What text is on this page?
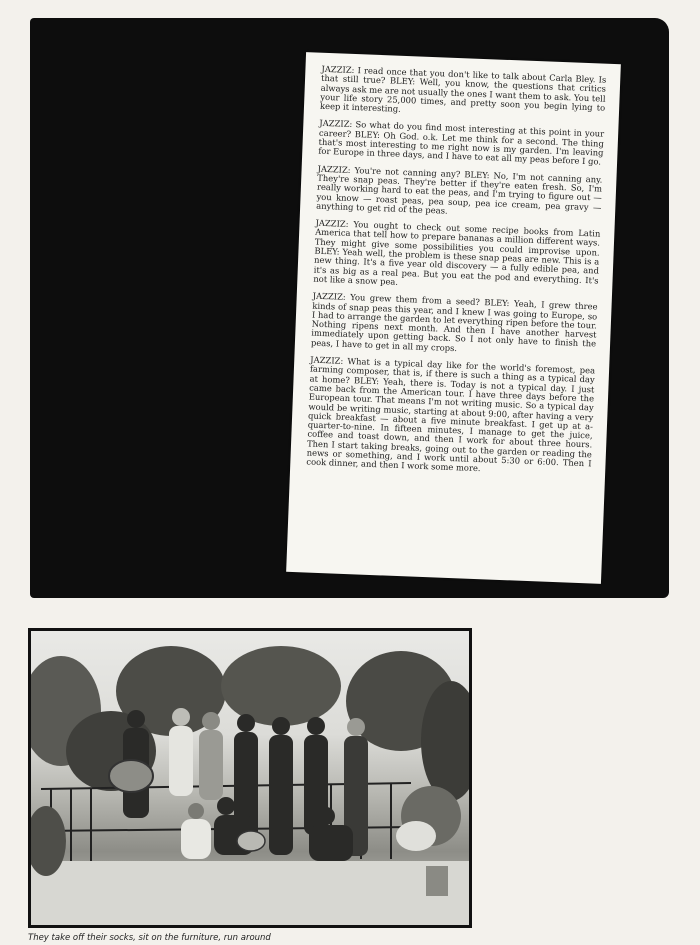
JAZZIZ: I read once that you don't like to talk about Carla Bley. Is that still true? BLEY: Well, you know, the questions that critics always ask me are not usually the ones I want them to ask. You tell your life story 25,000 times, and pretty soon you begin lying to keep it interesting.

JAZZIZ: So what do you find most interesting at this point in your career? BLEY: Oh God. o.k. Let me think for a second. The thing that's most interesting to me right now is my garden. I'm leaving for Europe in three days, and I have to eat all my peas before I go.

JAZZIZ: You're not canning any? BLEY: No, I'm not canning any. They're snap peas. They're better if they're eaten fresh. So, I'm really working hard to eat the peas, and I'm trying to figure out — you know — roast peas, pea soup, pea ice cream, pea gravy — anything to get rid of the peas.

JAZZIZ: You ought to check out some recipe books from Latin America that tell how to prepare bananas a million different ways. They might give some possibilities you could improvise upon. BLEY: Yeah well, the problem is these snap peas are new. This is a new thing. It's a five year old discovery — a fully edible pea, and it's as big as a real pea. But you eat the pod and everything. It's not like a snow pea.

JAZZIZ: You grew them from a seed? BLEY: Yeah, I grew three kinds of snap peas this year, and I knew I was going to Europe, so I had to arrange the garden to let everything ripen before the tour. Nothing ripens next month. And then I have another harvest immediately upon getting back. So I not only have to finish the peas, I have to get in all my crops.

JAZZIZ: What is a typical day like for the world's foremost, pea farming composer, that is, if there is such a thing as a typical day at home? BLEY: Yeah, there is. Today is not a typical day. I just came back from the American tour. I have three days before the European tour. That means I'm not writing music. So a typical day would be writing music, starting at about 9:00, after having a very quick breakfast — about a five minute breakfast. I get up at a-quarter-to-nine. In fifteen minutes, I manage to get the juice, coffee and toast down, and then I work for about three hours. Then I start taking breaks, going out to the garden or reading the news or something, and I work until about 5:30 or 6:00. Then I cook dinner, and then I work some more.

They take off their socks, sit on the furniture, run around
